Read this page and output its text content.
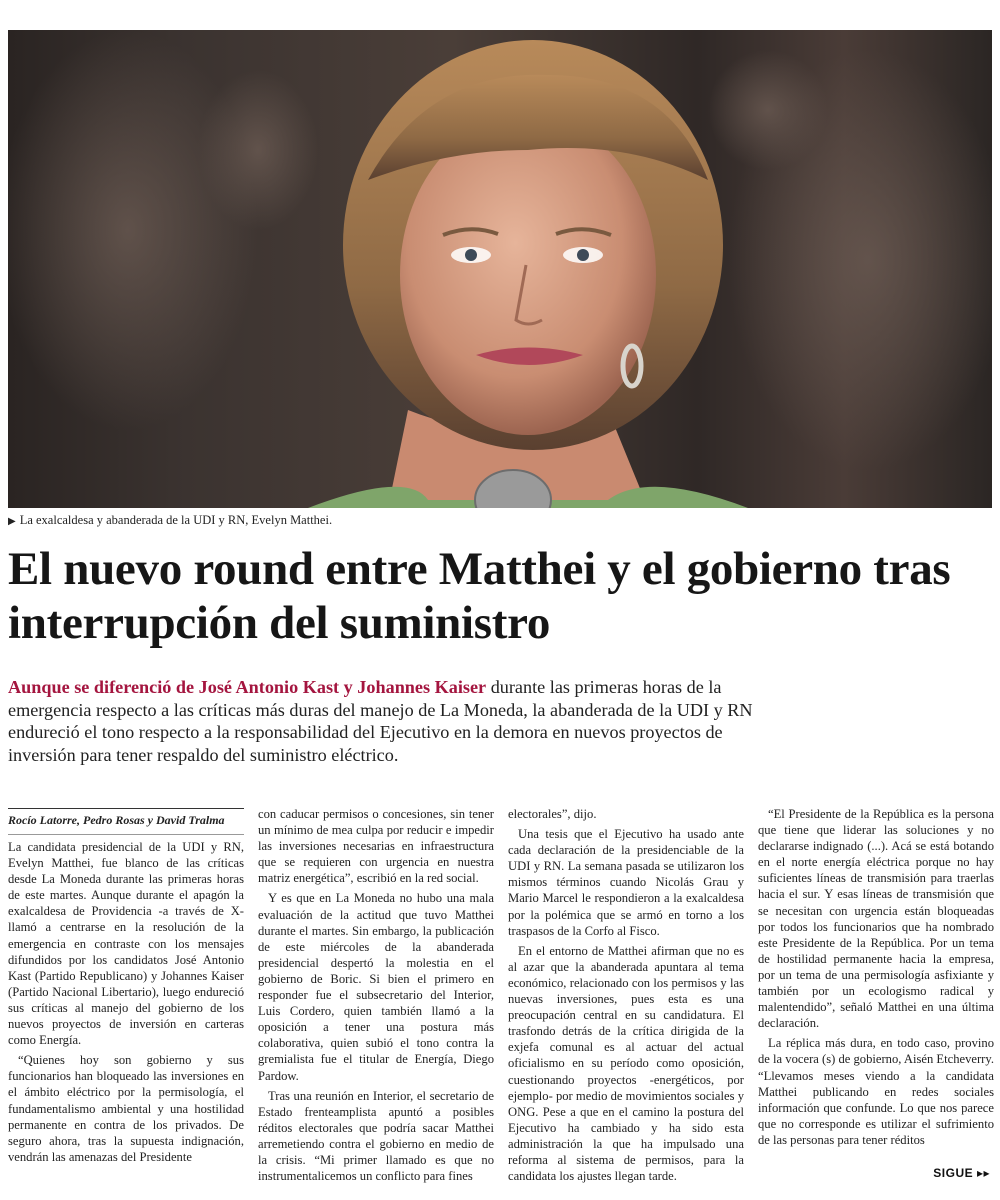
▶ La exalcaldesa y abanderada de la UDI y RN, Evelyn Matthei.
El nuevo round entre Matthei y el gobierno tras interrupción del suministro

Aunque se diferenció de José Antonio Kast y Johannes Kaiser durante las primeras horas de la emergencia respecto a las críticas más duras del manejo de La Moneda, la abanderada de la UDI y RN endureció el tono respecto a la responsabilidad del Ejecutivo en la demora en nuevos proyectos de inversión para tener respaldo del suministro eléctrico.

Rocío Latorre, Pedro Rosas y David Tralma

La candidata presidencial de la UDI y RN, Evelyn Matthei, fue blanco de las críticas desde La Moneda durante las primeras horas de este martes. Aunque durante el apagón la exalcaldesa de Providencia -a través de X- llamó a centrarse en la resolución de la emergencia en contraste con los mensajes difundidos por los candidatos José Antonio Kast (Partido Republicano) y Johannes Kaiser (Partido Nacional Libertario), luego endureció sus críticas al manejo del gobierno de los nuevos proyectos de inversión en carteras como Energía.

“Quienes hoy son gobierno y sus funcionarios han bloqueado las inversiones en el ámbito eléctrico por la permisología, el fundamentalismo ambiental y una hostilidad permanente en contra de los privados. De seguro ahora, tras la supuesta indignación, vendrán las amenazas del Presidente

con caducar permisos o concesiones, sin tener un mínimo de mea culpa por reducir e impedir las inversiones necesarias en infraestructura que se requieren con urgencia en nuestra matriz energética”, escribió en la red social.

Y es que en La Moneda no hubo una mala evaluación de la actitud que tuvo Matthei durante el martes. Sin embargo, la publicación de este miércoles de la abanderada presidencial despertó la molestia en el gobierno de Boric. Si bien el primero en responder fue el subsecretario del Interior, Luis Cordero, quien también llamó a la oposición a tener una postura más colaborativa, quien subió el tono contra la gremialista fue el titular de Energía, Diego Pardow.

Tras una reunión en Interior, el secretario de Estado frenteamplista apuntó a posibles réditos electorales que podría sacar Matthei arremetiendo contra el gobierno en medio de la crisis. “Mi primer llamado es que no instrumentalicemos un conflicto para fines

electorales”, dijo.

Una tesis que el Ejecutivo ha usado ante cada declaración de la presidenciable de la UDI y RN. La semana pasada se utilizaron los mismos términos cuando Nicolás Grau y Mario Marcel le respondieron a la exalcaldesa por la polémica que se armó en torno a los traspasos de la Corfo al Fisco.

En el entorno de Matthei afirman que no es al azar que la abanderada apuntara al tema económico, relacionado con los permisos y las nuevas inversiones, pues esta es una preocupación central en su candidatura. El trasfondo detrás de la crítica dirigida de la exjefa comunal es al actuar del actual oficialismo en su período como oposición, cuestionando proyectos -energéticos, por ejemplo- por medio de movimientos sociales y ONG. Pese a que en el camino la postura del Ejecutivo ha cambiado y ha sido esta administración la que ha impulsado una reforma al sistema de permisos, para la candidata los ajustes llegan tarde.

“El Presidente de la República es la persona que tiene que liderar las soluciones y no declararse indignado (...). Acá se está botando en el norte energía eléctrica porque no hay suficientes líneas de transmisión para traerlas hacia el sur. Y esas líneas de transmisión que se necesitan con urgencia están bloqueadas por todos los funcionarios que ha nombrado este Presidente de la República. Por un tema de hostilidad permanente hacia la empresa, por un tema de una permisología asfixiante y también por un ecologismo radical y malentendido”, señaló Matthei en una última declaración.

La réplica más dura, en todo caso, provino de la vocera (s) de gobierno, Aisén Etcheverry. “Llevamos meses viendo a la candidata Matthei publicando en redes sociales información que confunde. Lo que nos parece que no corresponde es utilizar el sufrimiento de las personas para tener réditos

SIGUE ▸▸
